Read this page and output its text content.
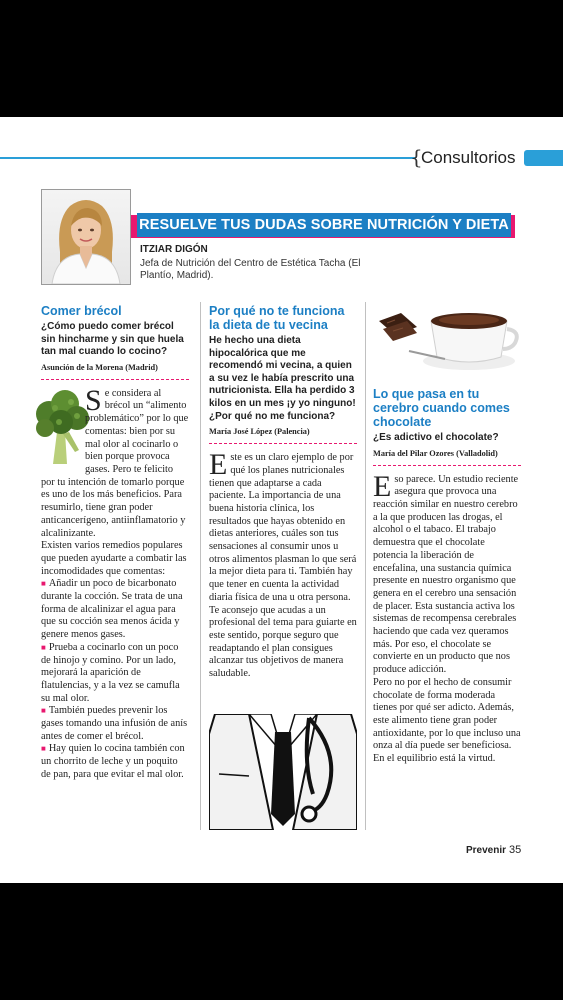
{
Consultorios
RESUELVE TUS DUDAS SOBRE NUTRICIÓN Y DIETA
ITZIAR DIGÓN
Jefa de Nutrición del Centro de Estética Tacha (El Plantío, Madrid).
Comer brécol

¿Cómo puedo comer brécol sin hincharme y sin que huela tan mal cuando lo cocino?

Asunción de la Morena (Madrid)

Se considera al brécol un “alimento problemático” por lo que comentas: bien por su mal olor al cocinarlo o bien porque provoca gases. Pero te felicito por tu intención de tomarlo porque es uno de los más beneficios. Para resumirlo, tiene gran poder anticancerígeno, antiinflamatorio y alcalinizante.

Existen varios remedios populares que pueden ayudarte a combatir las incomodidades que comentas:

■ Añadir un poco de bicarbonato durante la cocción. Se trata de una forma de alcalinizar el agua para que su cocción sea menos ácida y genere menos gases.

■ Prueba a cocinarlo con un poco de hinojo y comino. Por un lado, mejorará la aparición de flatulencias, y a la vez se camufla su mal olor.

■ También puedes prevenir los gases tomando una infusión de anís antes de comer el brécol.

■ Hay quien lo cocina también con un chorrito de leche y un poquito de pan, para que evitar el mal olor.

Por qué no te funciona la dieta de tu vecina

He hecho una dieta hipocalórica que me recomendó mi vecina, a quien a su vez le había prescrito una nutricionista. Ella ha perdido 3 kilos en un mes ¡y yo ninguno! ¿Por qué no me funciona?

María José López (Palencia)

Este es un claro ejemplo de por qué los planes nutricionales tienen que adaptarse a cada paciente. La importancia de una buena historia clínica, los resultados que hayas obtenido en dietas anteriores, cuáles son tus sensaciones al consumir unos u otros alimentos plasman lo que será la mejor dieta para ti. También hay que tener en cuenta la actividad diaria física de una u otra persona. Te aconsejo que acudas a un profesional del tema para guiarte en este sentido, porque seguro que readaptando el plan consigues alcanzar tus objetivos de manera saludable.

Lo que pasa en tu cerebro cuando comes chocolate

¿Es adictivo el chocolate?

María del Pilar Ozores (Valladolid)

Eso parece. Un estudio reciente asegura que provoca una reacción similar en nuestro cerebro a la que producen las drogas, el alcohol o el tabaco. El trabajo demuestra que el chocolate potencia la liberación de encefalina, una sustancia química presente en nuestro organismo que genera en el cerebro una sensación de placer. Esta sustancia activa los sistemas de recompensa cerebrales haciendo que cada vez queramos más. Por eso, el chocolate se convierte en un producto que nos produce adicción.

Pero no por el hecho de consumir chocolate de forma moderada tienes por qué ser adicto. Además, este alimento tiene gran poder antioxidante, por lo que incluso una onza al día puede ser beneficiosa. En el equilibrio está la virtud.

Prevenir 35
